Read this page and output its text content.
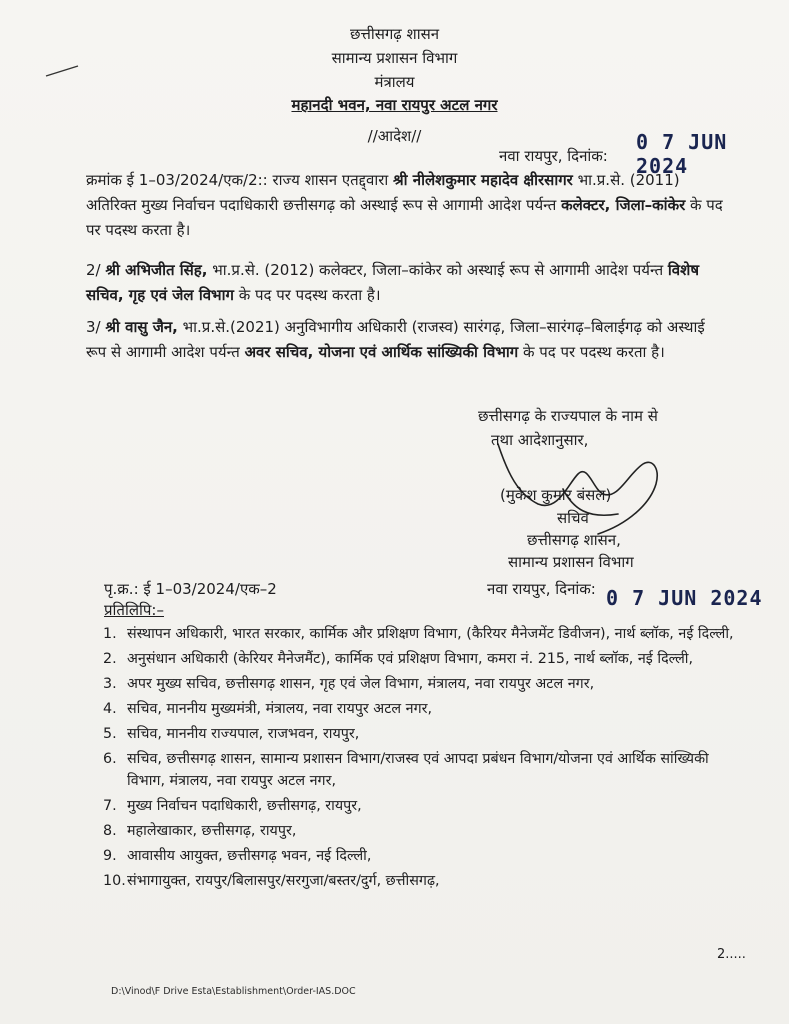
छत्तीसगढ़ शासन
सामान्य प्रशासन विभाग
मंत्रालय
महानदी भवन, नवा रायपुर अटल नगर
//आदेश//
नवा रायपुर, दिनांक:
0 7 JUN 2024
क्रमांक ई 1–03/2024/एक/2:: राज्य शासन एतद्द्वारा श्री नीलेशकुमार महादेव क्षीरसागर भा.प्र.से. (2011) अतिरिक्त मुख्य निर्वाचन पदाधिकारी छत्तीसगढ़ को अस्थाई रूप से आगामी आदेश पर्यन्त कलेक्टर, जिला–कांकेर के पद पर पदस्थ करता है।
2/ श्री अभिजीत सिंह, भा.प्र.से. (2012) कलेक्टर, जिला–कांकेर को अस्थाई रूप से आगामी आदेश पर्यन्त विशेष सचिव, गृह एवं जेल विभाग के पद पर पदस्थ करता है।
3/ श्री वासु जैन, भा.प्र.से.(2021) अनुविभागीय अधिकारी (राजस्व) सारंगढ़, जिला–सारंगढ़–बिलाईगढ़ को अस्थाई रूप से आगामी आदेश पर्यन्त अवर सचिव, योजना एवं आर्थिक सांख्यिकी विभाग के पद पर पदस्थ करता है।
छत्तीसगढ़ के राज्यपाल के नाम से
तथा आदेशानुसार,
(मुकेश कुमार बंसल)
सचिव
छत्तीसगढ़ शासन,
सामान्य प्रशासन विभाग
पृ.क्र.: ई 1–03/2024/एक–2	नवा रायपुर, दिनांक: 0 7 JUN 2024
प्रतिलिपि:–
1. संस्थापन अधिकारी, भारत सरकार, कार्मिक और प्रशिक्षण विभाग, (कैरियर मैनेजमेंट डिवीजन), नार्थ ब्लॉक, नई दिल्ली,
2. अनुसंधान अधिकारी (केरियर मैनेजमैंट), कार्मिक एवं प्रशिक्षण विभाग, कमरा नं. 215, नार्थ ब्लॉक, नई दिल्ली,
3. अपर मुख्य सचिव, छत्तीसगढ़ शासन, गृह एवं जेल विभाग, मंत्रालय, नवा रायपुर अटल नगर,
4. सचिव, माननीय मुख्यमंत्री, मंत्रालय, नवा रायपुर अटल नगर,
5. सचिव, माननीय राज्यपाल, राजभवन, रायपुर,
6. सचिव, छत्तीसगढ़ शासन, सामान्य प्रशासन विभाग/राजस्व एवं आपदा प्रबंधन विभाग/योजना एवं आर्थिक सांख्यिकी विभाग, मंत्रालय, नवा रायपुर अटल नगर,
7. मुख्य निर्वाचन पदाधिकारी, छत्तीसगढ़, रायपुर,
8. महालेखाकार, छत्तीसगढ़, रायपुर,
9. आवासीय आयुक्त, छत्तीसगढ़ भवन, नई दिल्ली,
10. संभागायुक्त, रायपुर/बिलासपुर/सरगुजा/बस्तर/दुर्ग, छत्तीसगढ़,
2.....
D:\Vinod\F Drive Esta\Establishment\Order-IAS.DOC
